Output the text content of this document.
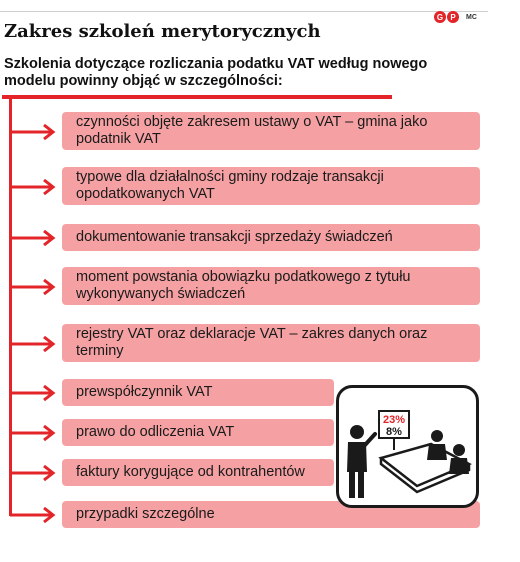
G P	MC
Zakres szkoleń merytorycznych

Szkolenia dotyczące rozliczania podatku VAT według nowego modelu powinny objąć w szczególności:

czynności objęte zakresem ustawy o VAT – gmina jako podatnik VAT
typowe dla działalności gminy rodzaje transakcji opodatkowanych VAT
dokumentowanie transakcji sprzedaży świadczeń
moment powstania obowiązku podatkowego z tytułu wykonywanych świadczeń
rejestry VAT oraz deklaracje VAT – zakres danych oraz terminy
prewspółczynnik VAT
prawo do odliczenia VAT
faktury korygujące od kontrahentów
przypadki szczególne
23%
8%
